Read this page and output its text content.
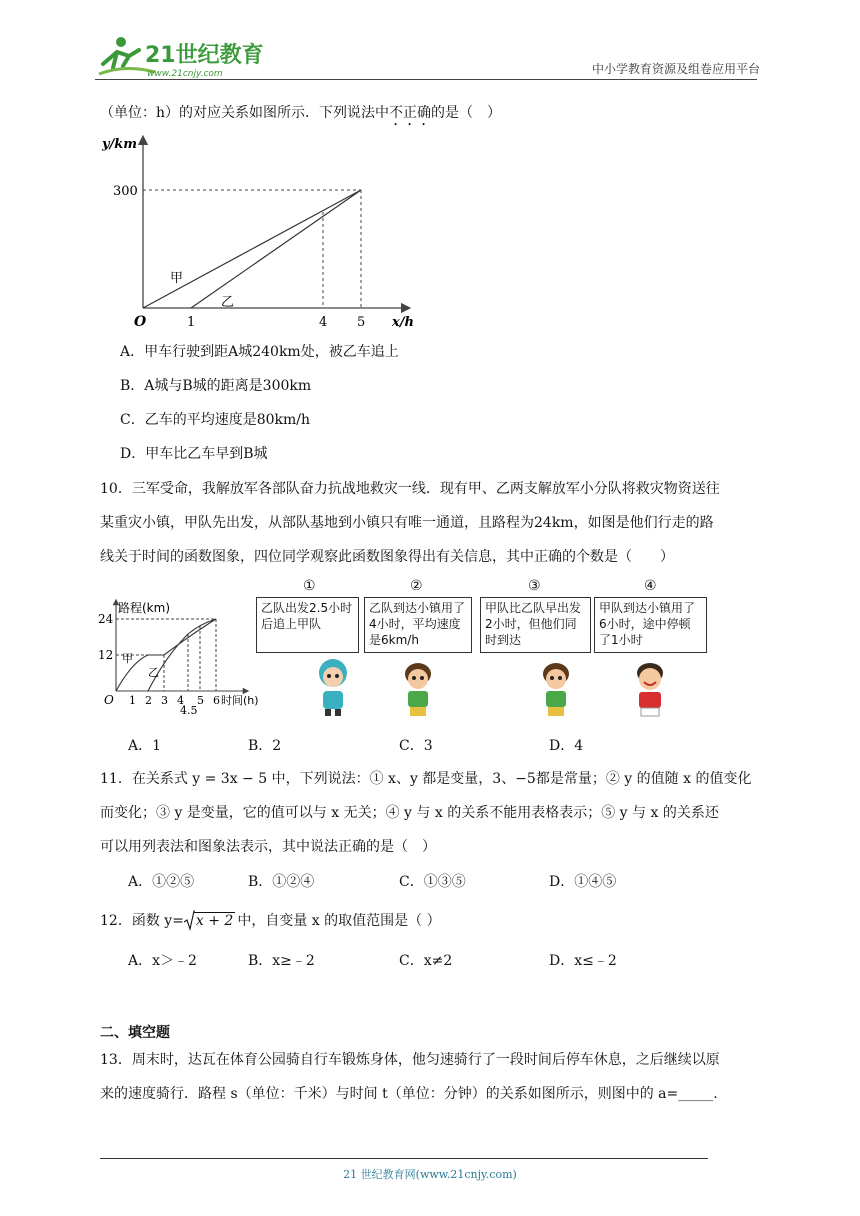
21世纪教育
www.21cnjy.com	中小学教育资源及组卷应用平台
（单位：h）的对应关系如图所示．下列说法中不正确的是（　）
y/km
x/h
O
300
1	4 5
甲
乙
A．甲车行驶到距A城240km处，被乙车追上
B．A城与B城的距离是300km
C．乙车的平均速度是80km/h
D．甲车比乙车早到B城
10．三军受命，我解放军各部队奋力抗战地救灾一线．现有甲、乙两支解放军小分队将救灾物资送往
某重灾小镇，甲队先出发，从部队基地到小镇只有唯一通道，且路程为24km，如图是他们行走的路
线关于时间的函数图象，四位同学观察此函数图象得出有关信息，其中正确的个数是（　　）
路程(km)
24
12
O 1 2 3 4 5 6 时间(h)
4.5
甲
乙
①
乙队出发2.5小时后追上甲队
②
乙队到达小镇用了4小时，平均速度是6km/h
③
甲队比乙队早出发2小时，但他们同时到达
④
甲队到达小镇用了6小时，途中停顿了1小时
A．1	B．2	C．3	D．4
11．在关系式 y = 3x − 5 中，下列说法：① x、y 都是变量，3、−5都是常量；② y 的值随 x 的值变化
而变化；③ y 是变量，它的值可以与 x 无关；④ y 与 x 的关系不能用表格表示；⑤ y 与 x 的关系还
可以用列表法和图象法表示，其中说法正确的是（　）
A．①②⑤	B．①②④	C．①③⑤	D．①④⑤
12．函数 y= x + 2 中，自变量 x 的取值范围是（ ）
A．x＞﹣2	B．x≥﹣2	C．x≠2	D．x≤﹣2
二、填空题
13．周末时，达瓦在体育公园骑自行车锻炼身体，他匀速骑行了一段时间后停车休息，之后继续以原
来的速度骑行．路程 s（单位：千米）与时间 t（单位：分钟）的关系如图所示，则图中的 a=_____.
21 世纪教育网(www.21cnjy.com)
